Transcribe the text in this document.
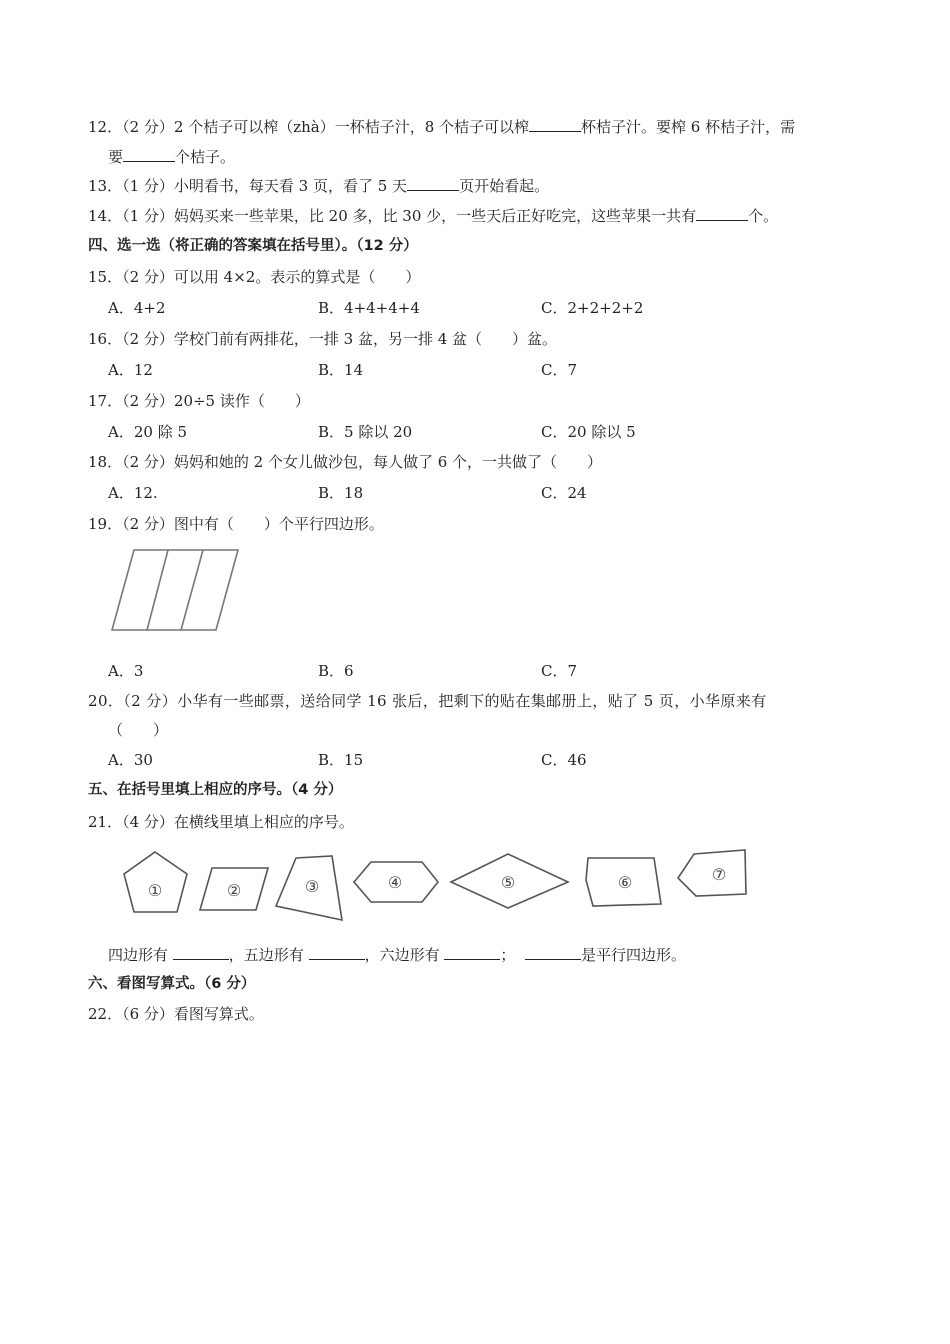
12．（2 分）2 个桔子可以榨（zhà）一杯桔子汁，8 个桔子可以榨	杯桔子汁。要榨 6 杯桔子汁，需
要	个桔子。
13．（1 分）小明看书，每天看 3 页，看了 5 天	页开始看起。
14．（1 分）妈妈买来一些苹果，比 20 多，比 30 少，一些天后正好吃完，这些苹果一共有	个。
四、选一选（将正确的答案填在括号里）。（12 分）
15．（2 分）可以用 4×2。表示的算式是（　　）
A．4+2	B．4+4+4+4	C．2+2+2+2
16．（2 分）学校门前有两排花，一排 3 盆，另一排 4 盆（　　）盆。
A．12	B．14	C．7
17．（2 分）20÷5 读作（　　）
A．20 除 5	B．5 除以 20	C．20 除以 5
18．（2 分）妈妈和她的 2 个女儿做沙包，每人做了 6 个，一共做了（　　）
A．12.	B．18	C．24
19．（2 分）图中有（　　）个平行四边形。
A．3	B．6	C．7
20．（2 分）小华有一些邮票，送给同学 16 张后，把剩下的贴在集邮册上，贴了 5 页，小华原来有
（　　）
A．30	B．15	C．46
五、在括号里填上相应的序号。（4 分）
21．（4 分）在横线里填上相应的序号。
①	②	③	④	⑤	⑥	⑦
四边形有	，五边形有	，六边形有	；	是平行四边形。
六、看图写算式。（6 分）
22．（6 分）看图写算式。
